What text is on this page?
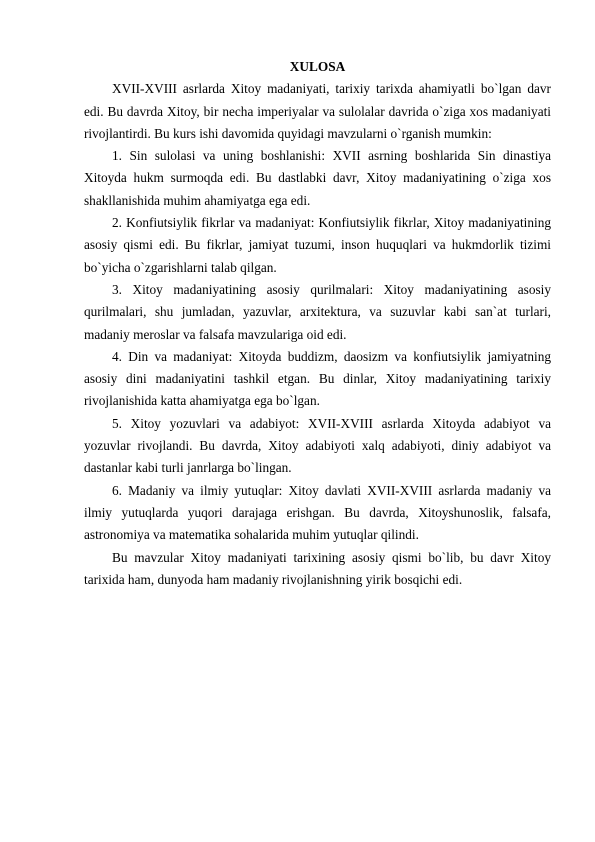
XULOSA

XVII-XVIII asrlarda Xitoy madaniyati, tarixiy tarixda ahamiyatli bo`lgan davr edi. Bu davrda Xitoy, bir necha imperiyalar va sulolalar davrida o`ziga xos madaniyati rivojlantirdi. Bu kurs ishi davomida quyidagi mavzularni o`rganish mumkin:

1. Sin sulolasi va uning boshlanishi: XVII asrning boshlarida Sin dinastiya Xitoyda hukm surmoqda edi. Bu dastlabki davr, Xitoy madaniyatining o`ziga xos shakllanishida muhim ahamiyatga ega edi.

2. Konfiutsiylik fikrlar va madaniyat: Konfiutsiylik fikrlar, Xitoy madaniyatining asosiy qismi edi. Bu fikrlar, jamiyat tuzumi, inson huquqlari va hukmdorlik tizimi bo`yicha o`zgarishlarni talab qilgan.

3. Xitoy madaniyatining asosiy qurilmalari: Xitoy madaniyatining asosiy qurilmalari, shu jumladan, yazuvlar, arxitektura, va suzuvlar kabi san`at turlari, madaniy meroslar va falsafa mavzulariga oid edi.

4. Din va madaniyat: Xitoyda buddizm, daosizm va konfiutsiylik jamiyatning asosiy dini madaniyatini tashkil etgan. Bu dinlar, Xitoy madaniyatining tarixiy rivojlanishida katta ahamiyatga ega bo`lgan.

5. Xitoy yozuvlari va adabiyot: XVII-XVIII asrlarda Xitoyda adabiyot va yozuvlar rivojlandi. Bu davrda, Xitoy adabiyoti xalq adabiyoti, diniy adabiyot va dastanlar kabi turli janrlarga bo`lingan.

6. Madaniy va ilmiy yutuqlar: Xitoy davlati XVII-XVIII asrlarda madaniy va ilmiy yutuqlarda yuqori darajaga erishgan. Bu davrda, Xitoyshunoslik, falsafa, astronomiya va matematika sohalarida muhim yutuqlar qilindi.

Bu mavzular Xitoy madaniyati tarixining asosiy qismi bo`lib, bu davr Xitoy tarixida ham, dunyoda ham madaniy rivojlanishning yirik bosqichi edi.
